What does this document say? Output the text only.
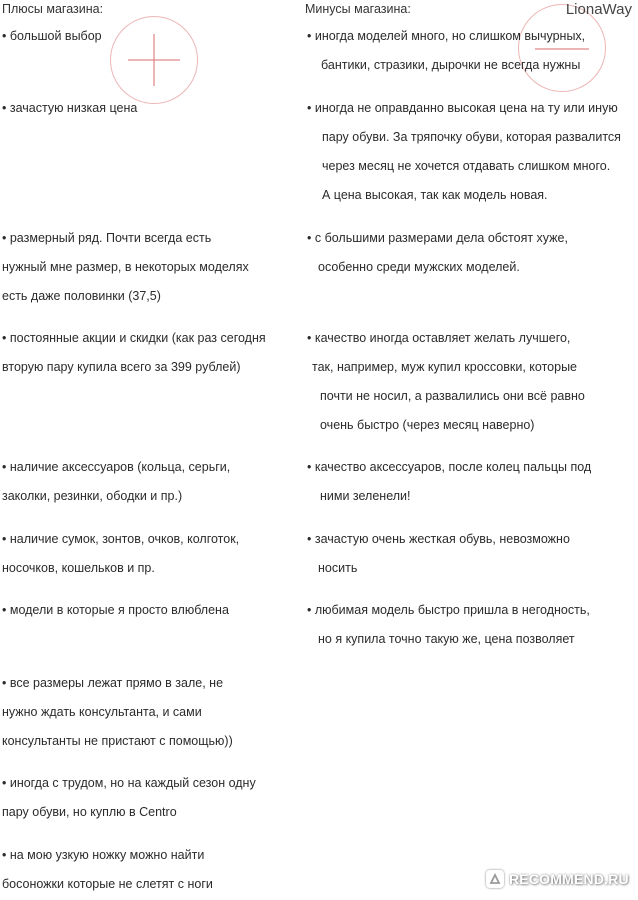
LionaWay
Плюсы магазина:
• большой выбор
• зачастую низкая цена
• размерный ряд. Почти всегда есть
нужный мне размер, в некоторых моделях
есть даже половинки (37,5)
• постоянные акции и скидки (как раз сегодня
вторую пару купила всего за 399 рублей)
• наличие аксессуаров (кольца, серьги,
заколки, резинки, ободки и пр.)
• наличие сумок, зонтов, очков, колготок,
носочков, кошельков и пр.
• модели в которые я просто влюблена
• все размеры лежат прямо в зале, не
нужно ждать консультанта, и сами
консультанты не пристают с помощью))
• иногда с трудом, но на каждый сезон одну
пару обуви, но куплю в Centro
• на мою узкую ножку можно найти
босоножки которые не слетят с ноги
Минусы магазина:
• иногда моделей много, но слишком вычурных,
бантики, стразики, дырочки не всегда нужны
• иногда не оправданно высокая цена на ту или иную
пару обуви. За тряпочку обуви, которая развалится
через месяц не хочется отдавать слишком много.
А цена высокая, так как модель новая.
• с большими размерами дела обстоят хуже,
особенно среди мужских моделей.
• качество иногда оставляет желать лучшего,
так, например, муж купил кроссовки, которые
почти не носил, а развалились они всё равно
очень быстро (через месяц наверно)
• качество аксессуаров, после колец пальцы под
ними зеленели!
• зачастую очень жесткая обувь, невозможно
носить
• любимая модель быстро пришла в негодность,
но я купила точно такую же, цена позволяет
RECOMMEND.RU
